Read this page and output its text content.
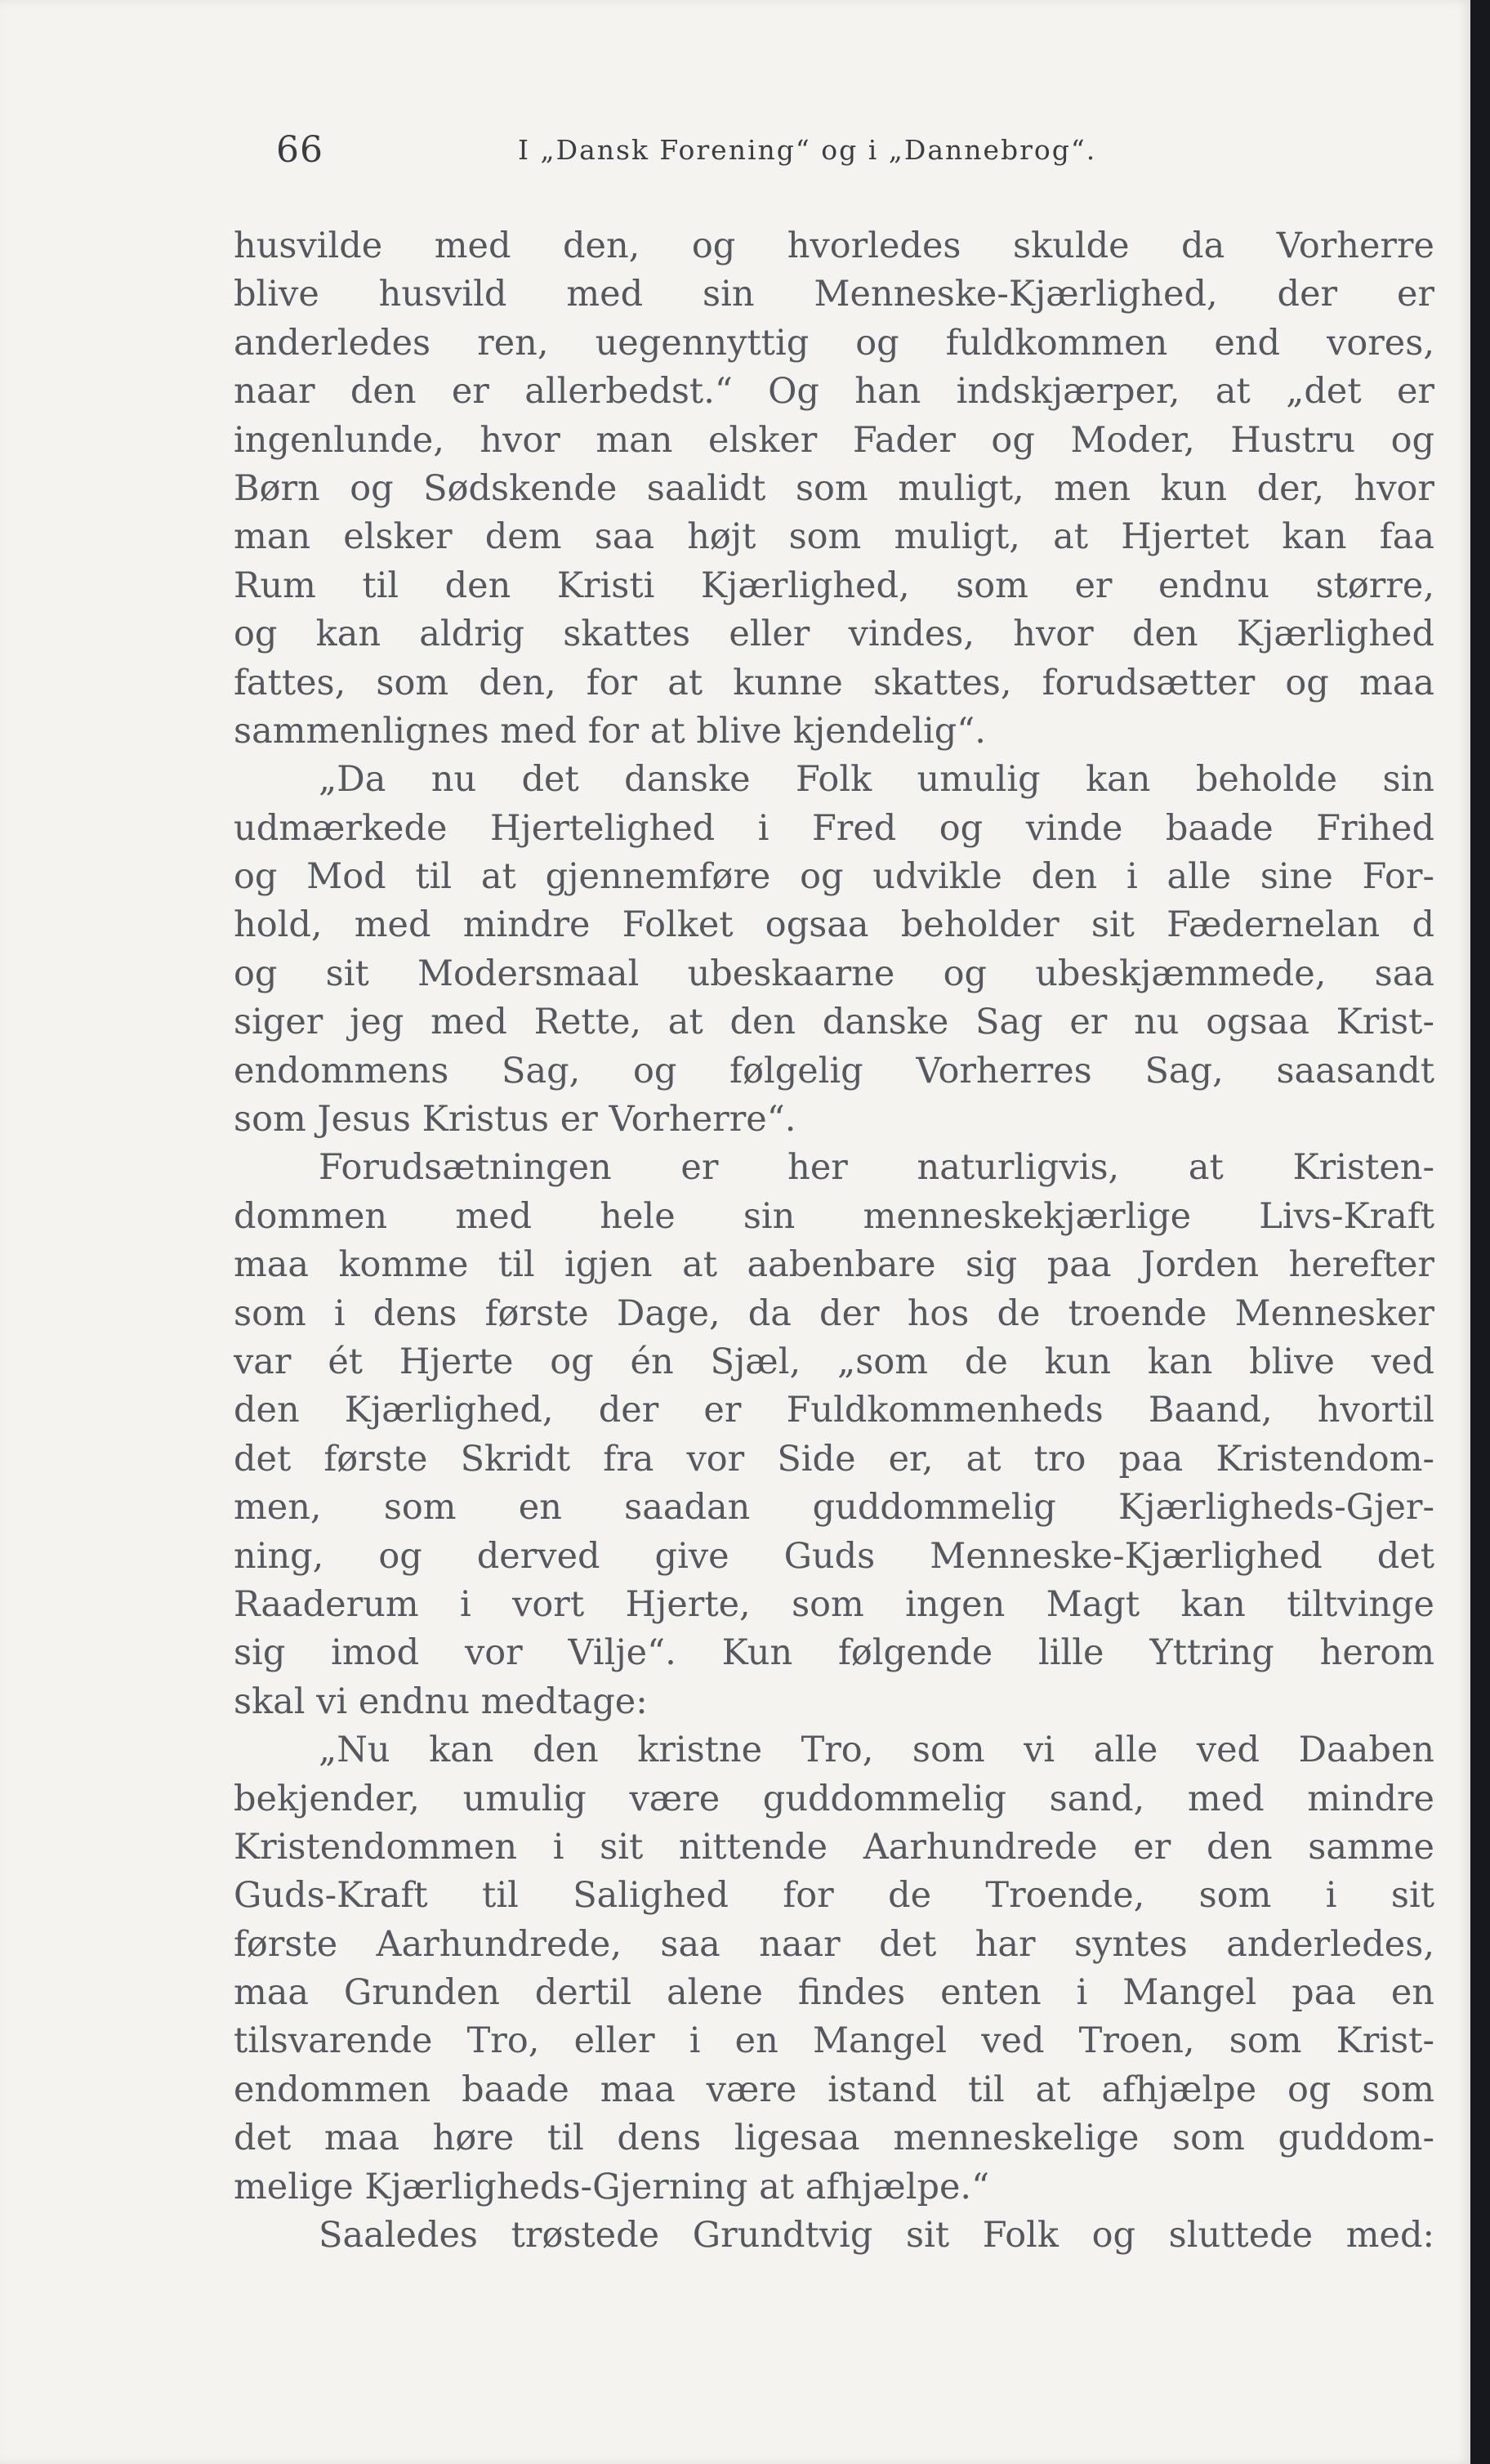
66	I „Dansk Forening“ og i „Dannebrog“.
husvilde med den, og hvorledes skulde da Vorherre
blive husvild med sin Menneske-Kjærlighed, der er
anderledes ren, uegennyttig og fuldkommen end vores,
naar den er allerbedst.“ Og han indskjærper, at „det er
ingenlunde, hvor man elsker Fader og Moder, Hustru og
Børn og Sødskende saalidt som muligt, men kun der, hvor
man elsker dem saa højt som muligt, at Hjertet kan faa
Rum til den Kristi Kjærlighed, som er endnu større,
og kan aldrig skattes eller vindes, hvor den Kjærlighed
fattes, som den, for at kunne skattes, forudsætter og maa
sammenlignes med for at blive kjendelig“.
„Da nu det danske Folk umulig kan beholde sin
udmærkede Hjertelighed i Fred og vinde baade Frihed
og Mod til at gjennemføre og udvikle den i alle sine For-
hold, med mindre Folket ogsaa beholder sit Fædernelan d
og sit Modersmaal ubeskaarne og ubeskjæmmede, saa
siger jeg med Rette, at den danske Sag er nu ogsaa Krist-
endommens Sag, og følgelig Vorherres Sag, saasandt
som Jesus Kristus er Vorherre“.
Forudsætningen er her naturligvis, at Kristen-
dommen med hele sin menneskekjærlige Livs-Kraft
maa komme til igjen at aabenbare sig paa Jorden herefter
som i dens første Dage, da der hos de troende Mennesker
var ét Hjerte og én Sjæl, „som de kun kan blive ved
den Kjærlighed, der er Fuldkommenheds Baand, hvortil
det første Skridt fra vor Side er, at tro paa Kristendom-
men, som en saadan guddommelig Kjærligheds-Gjer-
ning, og derved give Guds Menneske-Kjærlighed det
Raaderum i vort Hjerte, som ingen Magt kan tiltvinge
sig imod vor Vilje“. Kun følgende lille Yttring herom
skal vi endnu medtage:
„Nu kan den kristne Tro, som vi alle ved Daaben
bekjender, umulig være guddommelig sand, med mindre
Kristendommen i sit nittende Aarhundrede er den samme
Guds-Kraft til Salighed for de Troende, som i sit
første Aarhundrede, saa naar det har syntes anderledes,
maa Grunden dertil alene findes enten i Mangel paa en
tilsvarende Tro, eller i en Mangel ved Troen, som Krist-
endommen baade maa være istand til at afhjælpe og som
det maa høre til dens ligesaa menneskelige som guddom-
melige Kjærligheds-Gjerning at afhjælpe.“
Saaledes trøstede Grundtvig sit Folk og sluttede med:
